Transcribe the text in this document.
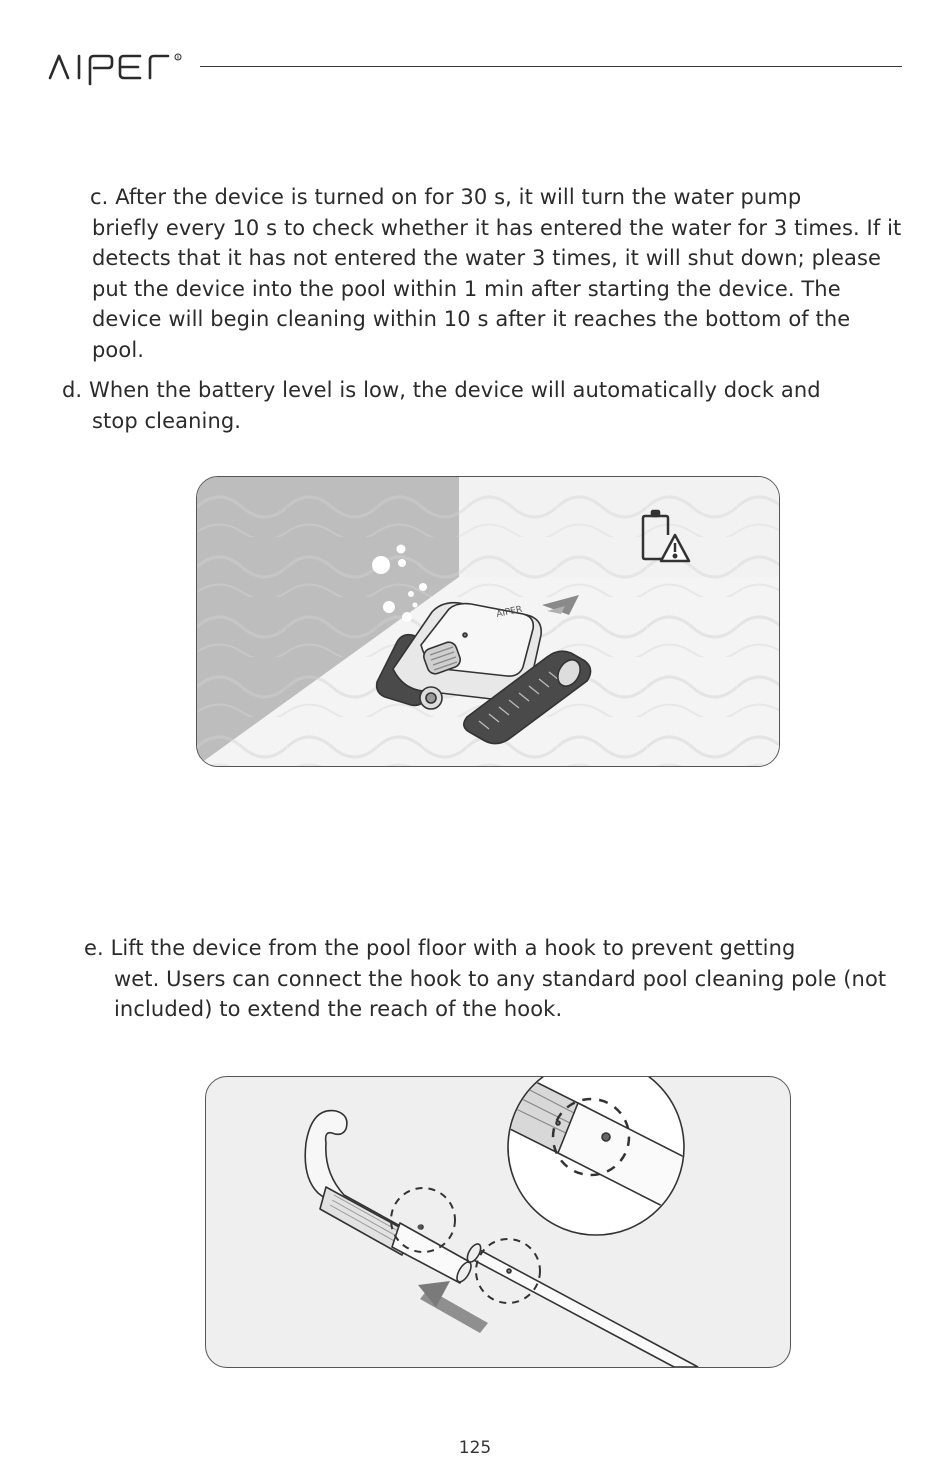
R
c. After the device is turned on for 30 s, it will turn the water pump
briefly every 10 s to check whether it has entered the water for 3 times. If it detects that it has not entered the water 3 times, it will shut down; please put the device into the pool within 1 min after starting the device. The device will begin cleaning within 10 s after it reaches the bottom of the pool.
d. When the battery level is low, the device will automatically dock and
stop cleaning.
AIPER
e. Lift the device from the pool floor with a hook to prevent getting
wet. Users can connect the hook to any standard pool cleaning pole (not included) to extend the reach of the hook.
125
